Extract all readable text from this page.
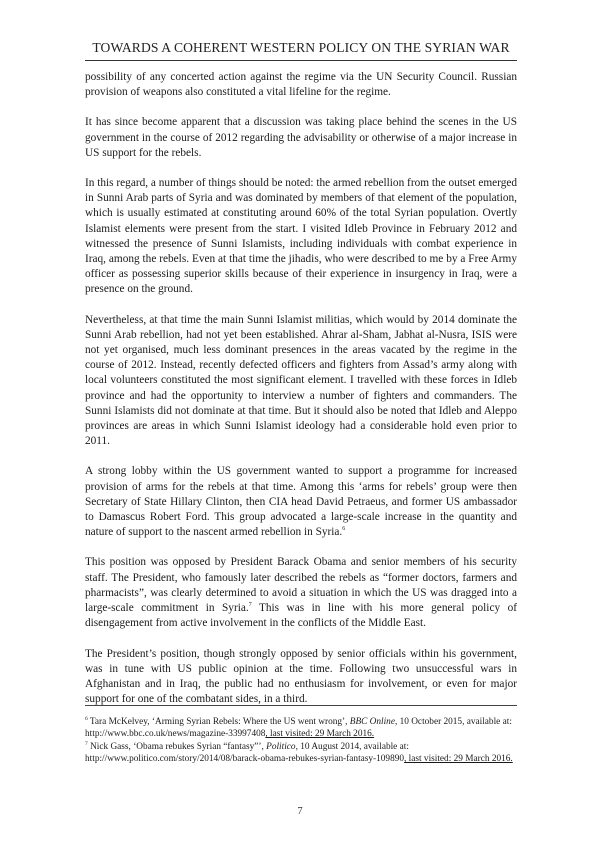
TOWARDS A COHERENT WESTERN POLICY ON THE SYRIAN WAR

possibility of any concerted action against the regime via the UN Security Council. Russian provision of weapons also constituted a vital lifeline for the regime.

It has since become apparent that a discussion was taking place behind the scenes in the US government in the course of 2012 regarding the advisability or otherwise of a major increase in US support for the rebels.

In this regard, a number of things should be noted: the armed rebellion from the outset emerged in Sunni Arab parts of Syria and was dominated by members of that element of the population, which is usually estimated at constituting around 60% of the total Syrian population. Overtly Islamist elements were present from the start. I visited Idleb Province in February 2012 and witnessed the presence of Sunni Islamists, including individuals with combat experience in Iraq, among the rebels. Even at that time the jihadis, who were described to me by a Free Army officer as possessing superior skills because of their experience in insurgency in Iraq, were a presence on the ground.

Nevertheless, at that time the main Sunni Islamist militias, which would by 2014 dominate the Sunni Arab rebellion, had not yet been established. Ahrar al-Sham, Jabhat al-Nusra, ISIS were not yet organised, much less dominant presences in the areas vacated by the regime in the course of 2012. Instead, recently defected officers and fighters from Assad’s army along with local volunteers constituted the most significant element. I travelled with these forces in Idleb province and had the opportunity to interview a number of fighters and commanders. The Sunni Islamists did not dominate at that time. But it should also be noted that Idleb and Aleppo provinces are areas in which Sunni Islamist ideology had a considerable hold even prior to 2011.

A strong lobby within the US government wanted to support a programme for increased provision of arms for the rebels at that time. Among this ‘arms for rebels’ group were then Secretary of State Hillary Clinton, then CIA head David Petraeus, and former US ambassador to Damascus Robert Ford. This group advocated a large-scale increase in the quantity and nature of support to the nascent armed rebellion in Syria.$^6$

This position was opposed by President Barack Obama and senior members of his security staff. The President, who famously later described the rebels as “former doctors, farmers and pharmacists”, was clearly determined to avoid a situation in which the US was dragged into a large-scale commitment in Syria.$^7$ This was in line with his more general policy of disengagement from active involvement in the conflicts of the Middle East.

The President’s position, though strongly opposed by senior officials within his government, was in tune with US public opinion at the time. Following two unsuccessful wars in Afghanistan and in Iraq, the public had no enthusiasm for involvement, or even for major support for one of the combatant sides, in a third.

$^6$ Tara McKelvey, ‘Arming Syrian Rebels: Where the US went wrong’, BBC Online, 10 October 2015, available at: http://www.bbc.co.uk/news/magazine-33997408, last visited: 29 March 2016.

$^7$ Nick Gass, ‘Obama rebukes Syrian “fantasy”’, Politico, 10 August 2014, available at: http://www.politico.com/story/2014/08/barack-obama-rebukes-syrian-fantasy-109890, last visited: 29 March 2016.

7
